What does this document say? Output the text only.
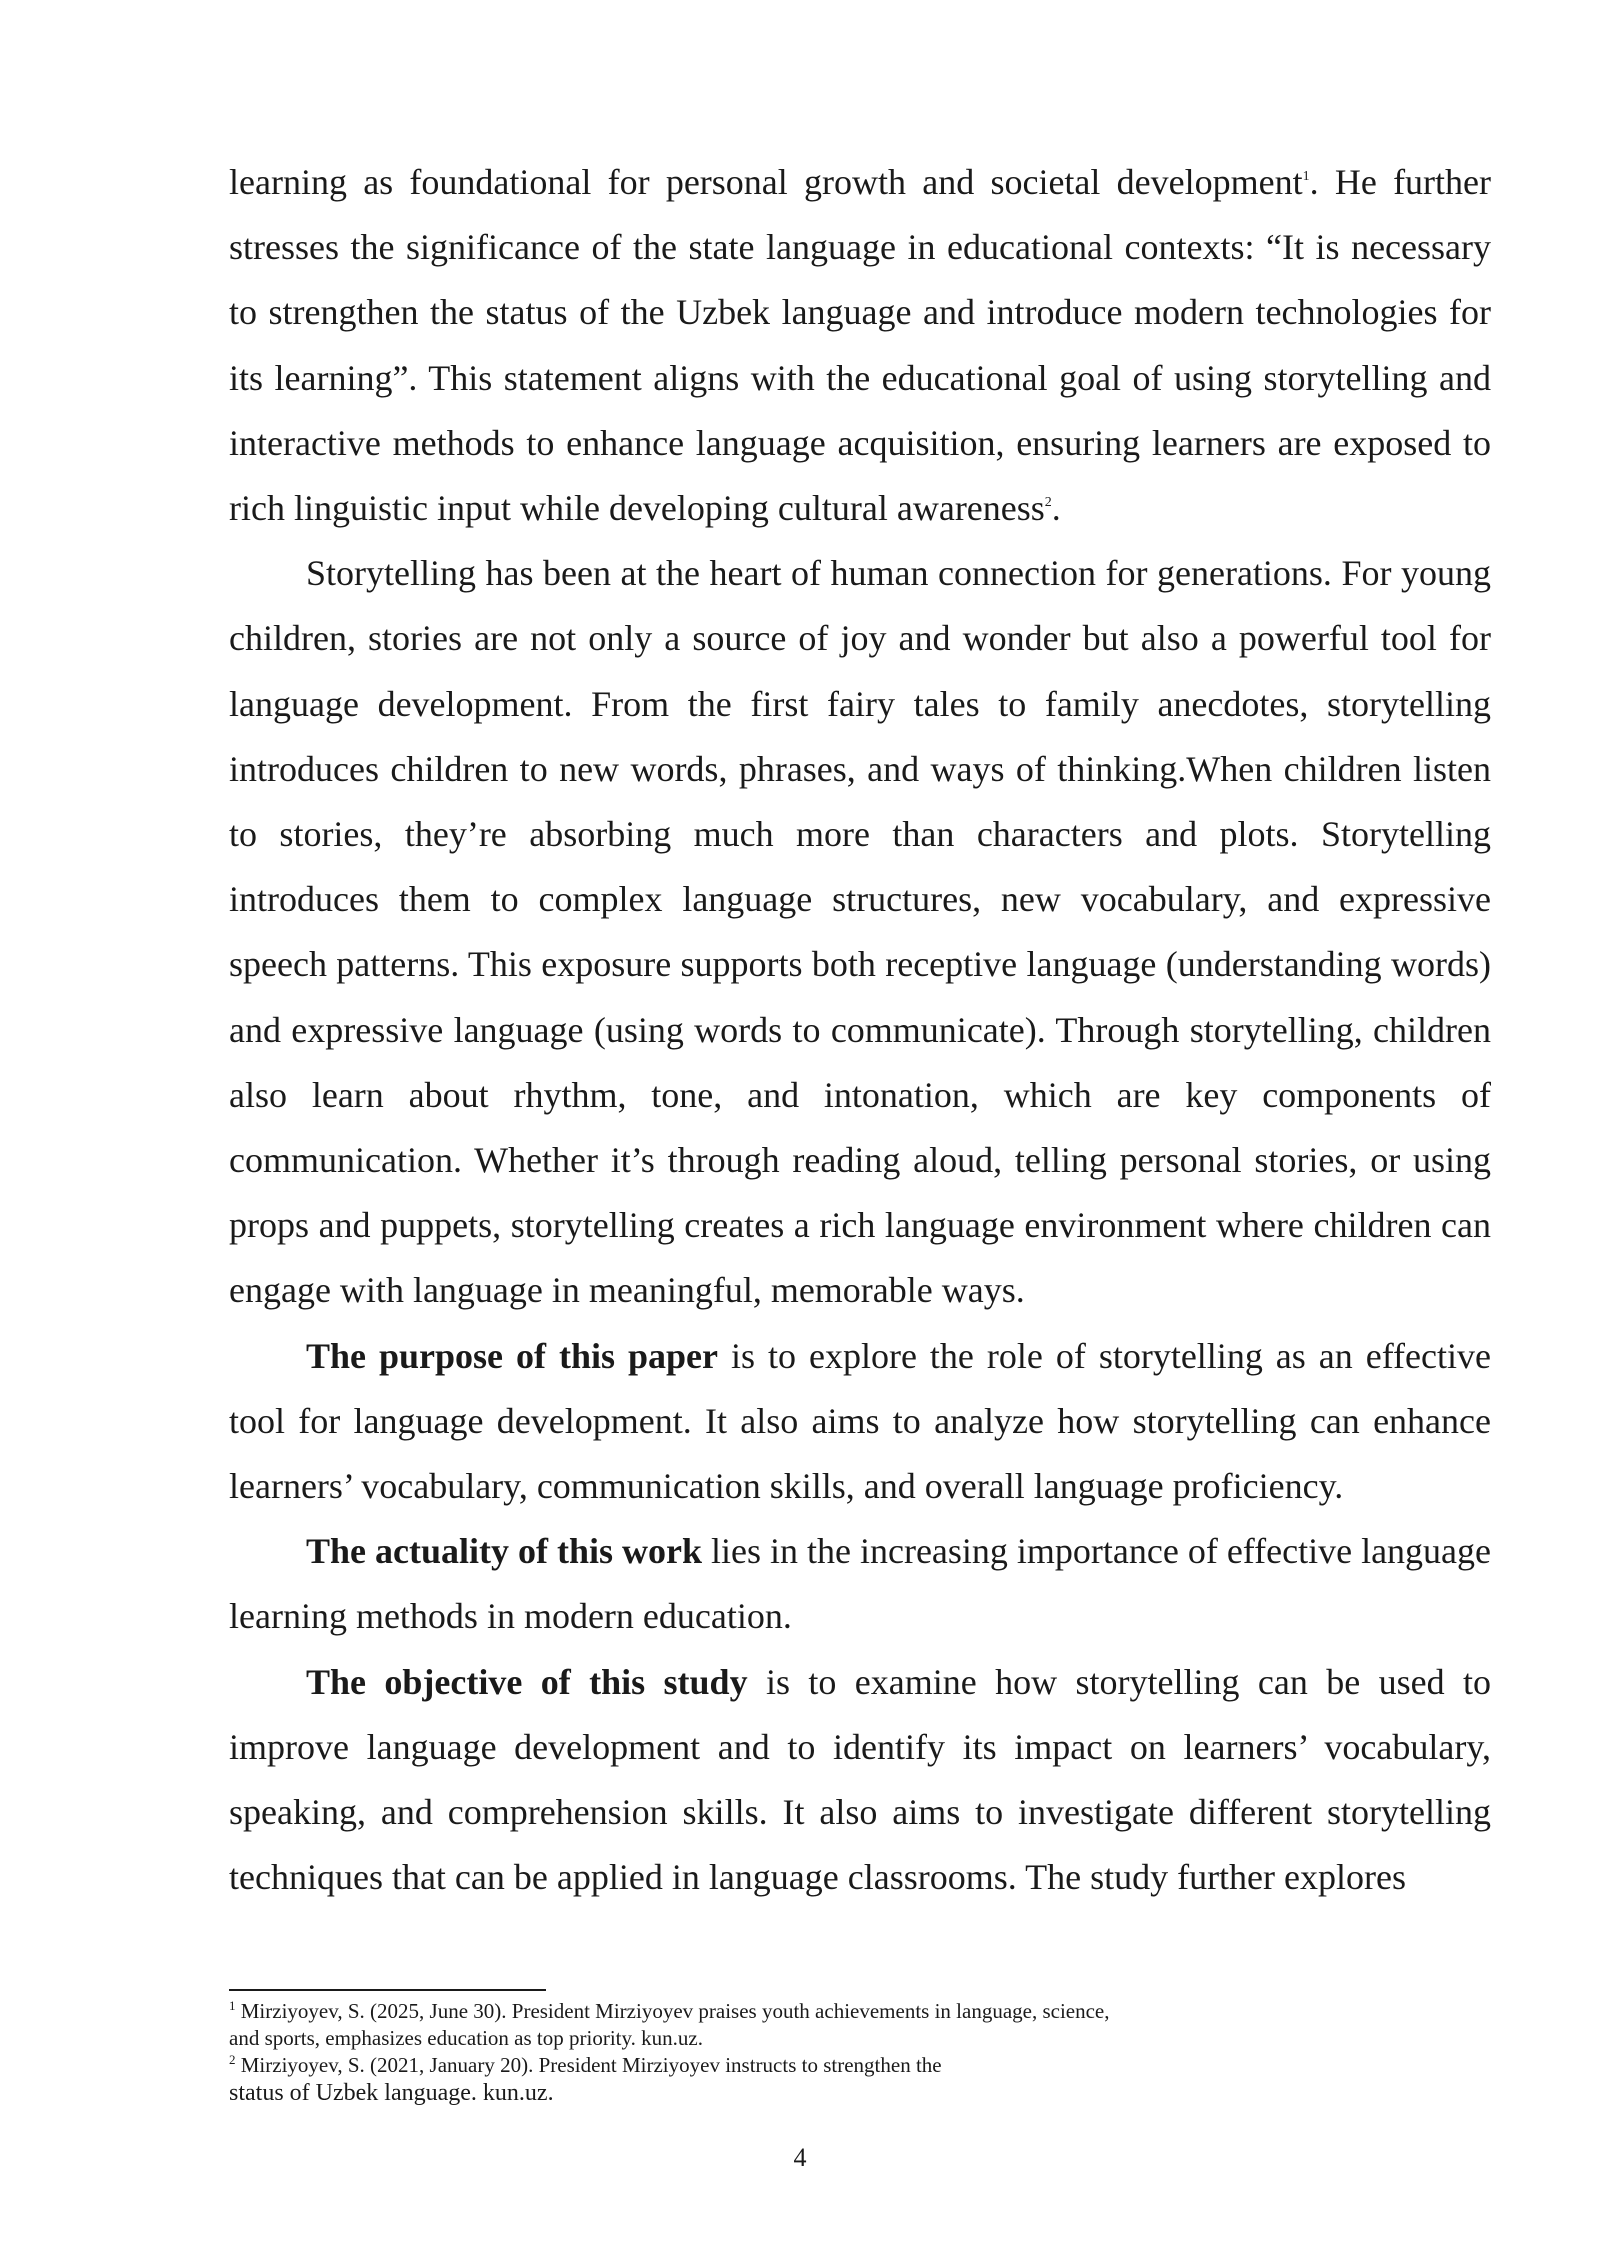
learning as foundational for personal growth and societal development$^1$. He further stresses the significance of the state language in educational contexts: “It is necessary to strengthen the status of the Uzbek language and introduce modern technologies for its learning”. This statement aligns with the educational goal of using storytelling and interactive methods to enhance language acquisition, ensuring learners are exposed to rich linguistic input while developing cultural awareness$^2$.

Storytelling has been at the heart of human connection for generations. For young children, stories are not only a source of joy and wonder but also a powerful tool for language development. From the first fairy tales to family anecdotes, storytelling introduces children to new words, phrases, and ways of thinking.When children listen to stories, they’re absorbing much more than characters and plots. Storytelling introduces them to complex language structures, new vocabulary, and expressive speech patterns. This exposure supports both receptive language (understanding words) and expressive language (using words to communicate). Through storytelling, children also learn about rhythm, tone, and intonation, which are key components of communication. Whether it’s through reading aloud, telling personal stories, or using props and puppets, storytelling creates a rich language environment where children can engage with language in meaningful, memorable ways.

The purpose of this paper is to explore the role of storytelling as an effective tool for language development. It also aims to analyze how storytelling can enhance learners’ vocabulary, communication skills, and overall language proficiency.

The actuality of this work lies in the increasing importance of effective language learning methods in modern education.

The objective of this study is to examine how storytelling can be used to improve language development and to identify its impact on learners’ vocabulary, speaking, and comprehension skills. It also aims to investigate different storytelling techniques that can be applied in language classrooms. The study further explores

$^1$ Mirziyoyev, S. (2025, June 30). President Mirziyoyev praises youth achievements in language, science, and sports, emphasizes education as top priority. kun.uz.

$^2$ Mirziyoyev, S. (2021, January 20). President Mirziyoyev instructs to strengthen the

status of Uzbek language. kun.uz.

4
